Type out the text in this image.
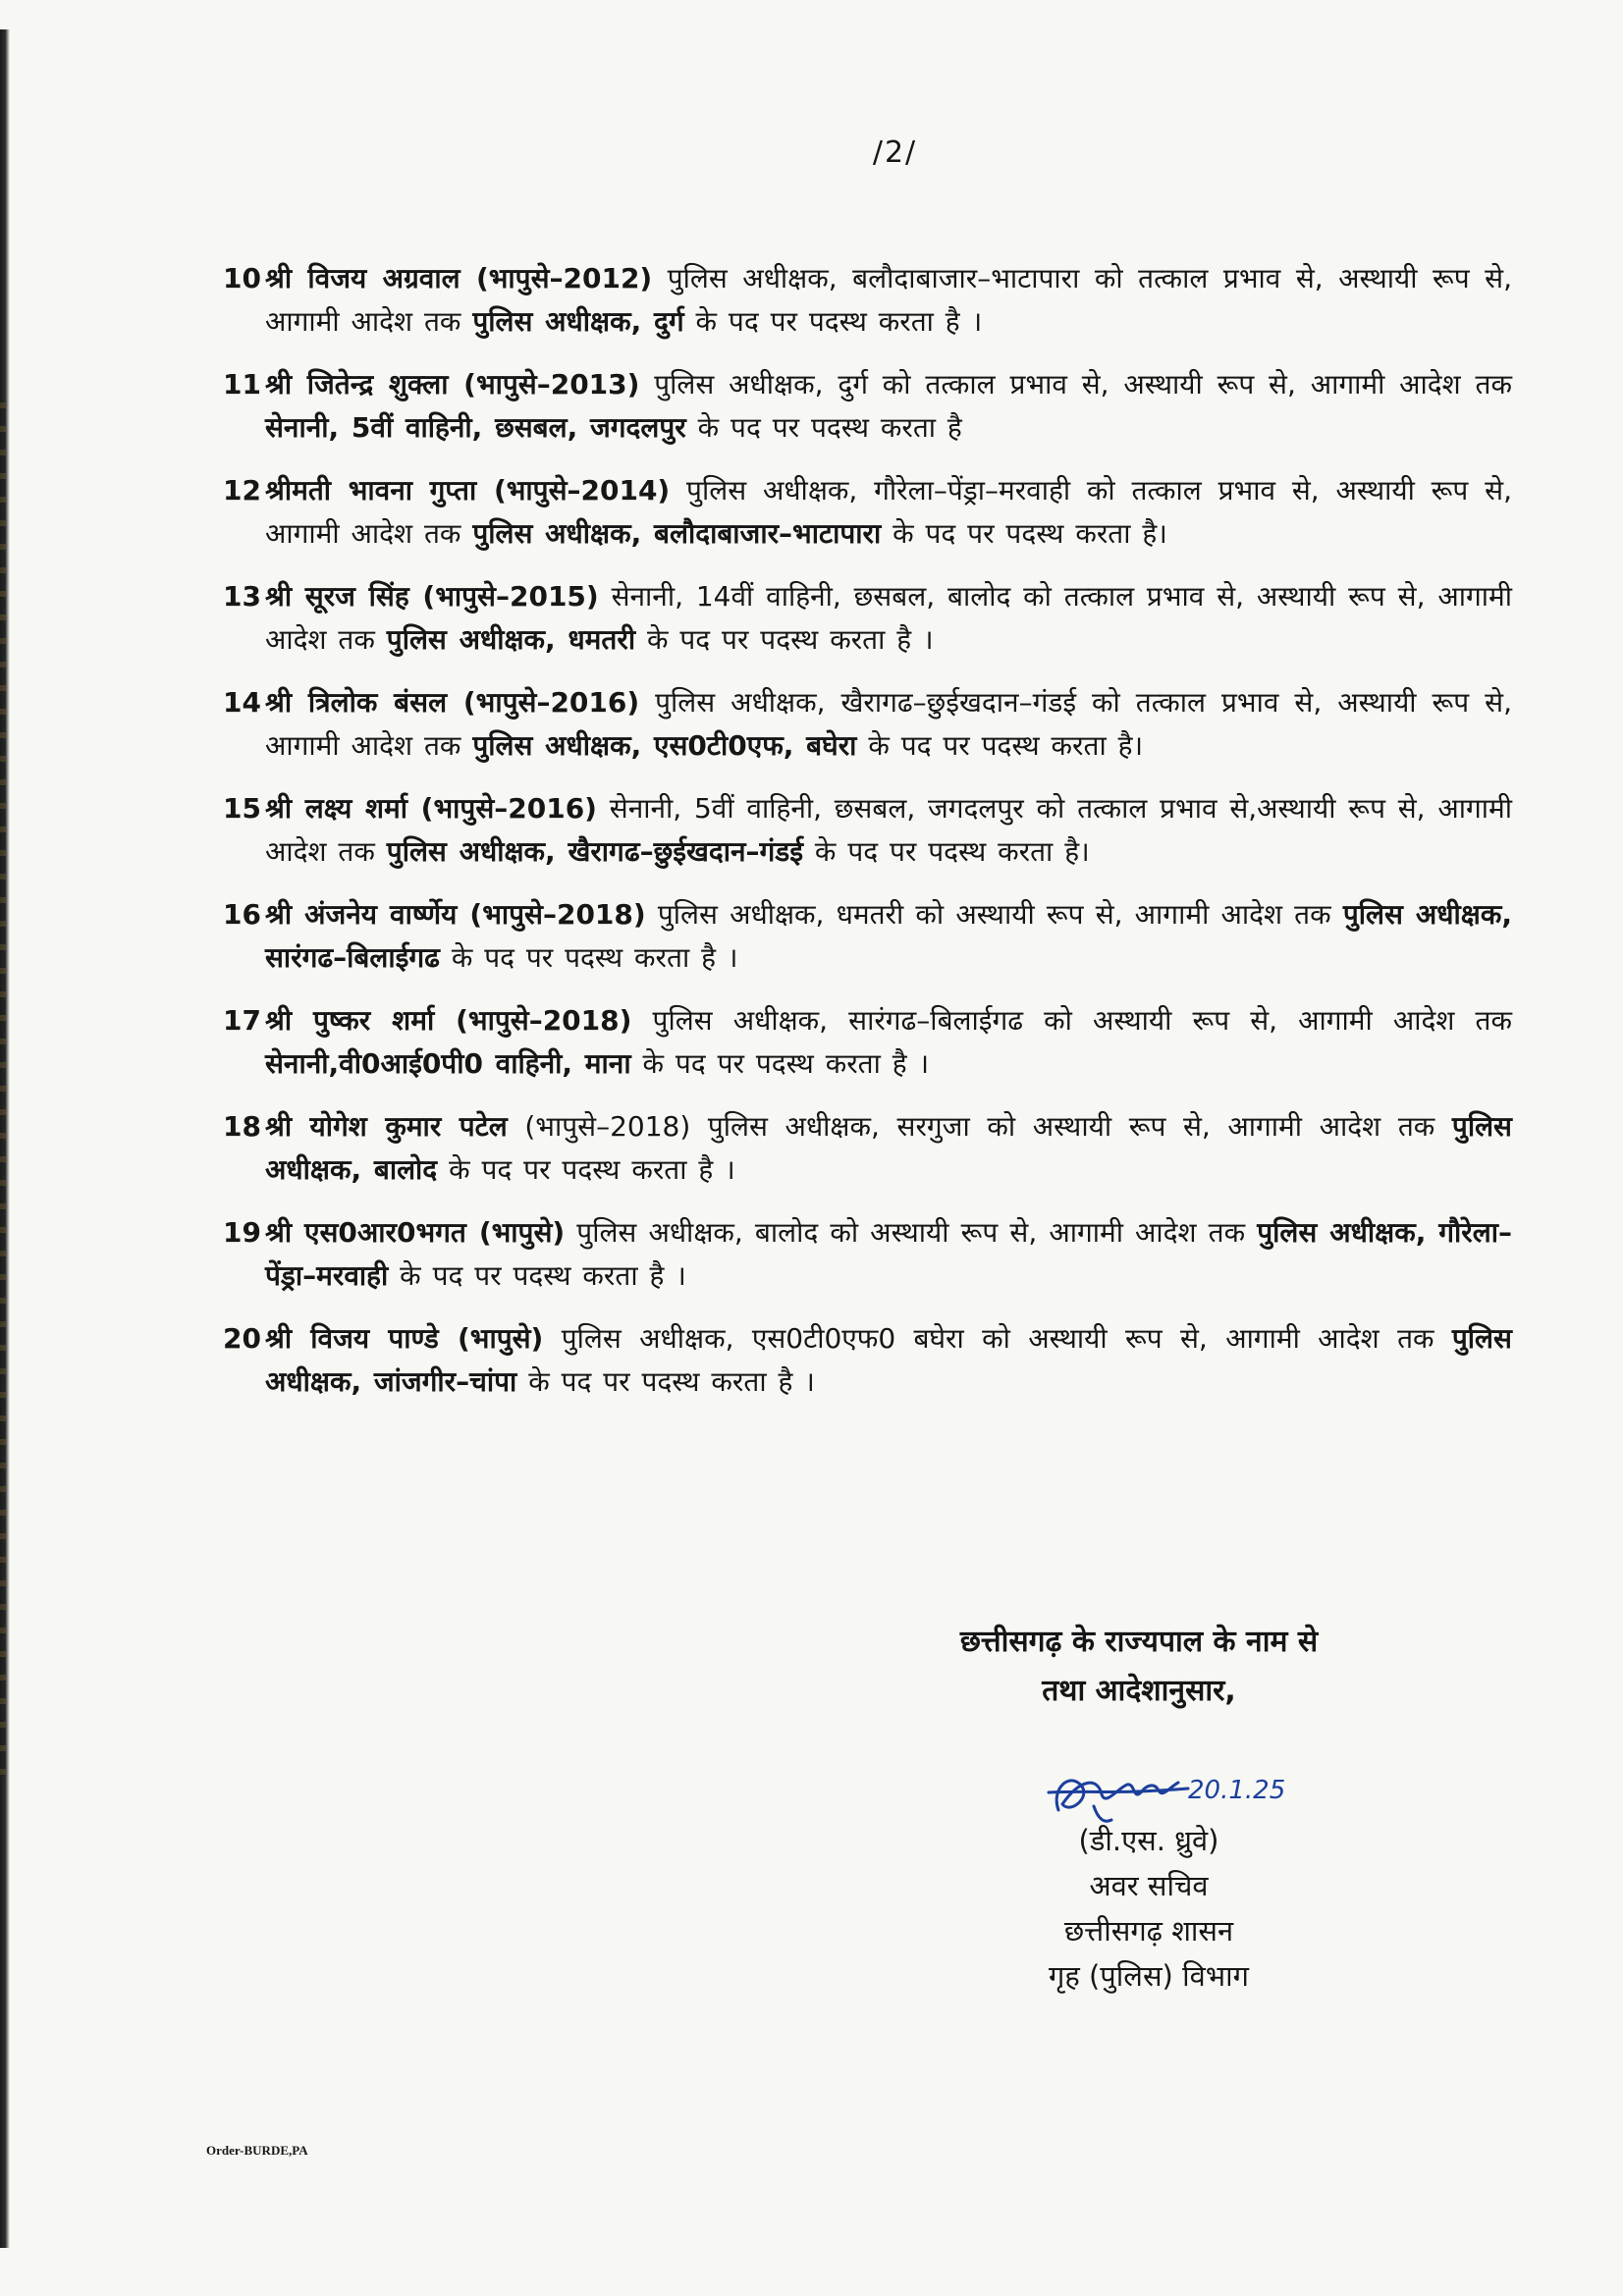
/2/
10 श्री विजय अग्रवाल (भापुसे–2012) पुलिस अधीक्षक, बलौदाबाजार–भाटापारा को तत्काल प्रभाव से, अस्थायी रूप से, आगामी आदेश तक पुलिस अधीक्षक, दुर्ग के पद पर पदस्थ करता है ।

11 श्री जितेन्द्र शुक्ला (भापुसे–2013) पुलिस अधीक्षक, दुर्ग को तत्काल प्रभाव से, अस्थायी रूप से, आगामी आदेश तक सेनानी, 5वीं वाहिनी, छसबल, जगदलपुर के पद पर पदस्थ करता है

12 श्रीमती भावना गुप्ता (भापुसे–2014) पुलिस अधीक्षक, गौरेला–पेंड्रा–मरवाही को तत्काल प्रभाव से, अस्थायी रूप से, आगामी आदेश तक पुलिस अधीक्षक, बलौदाबाजार–भाटापारा के पद पर पदस्थ करता है।

13 श्री सूरज सिंह (भापुसे–2015) सेनानी, 14वीं वाहिनी, छसबल, बालोद को तत्काल प्रभाव से, अस्थायी रूप से, आगामी आदेश तक पुलिस अधीक्षक, धमतरी के पद पर पदस्थ करता है ।

14 श्री त्रिलोक बंसल (भापुसे–2016) पुलिस अधीक्षक, खैरागढ–छुईखदान–गंडई को तत्काल प्रभाव से, अस्थायी रूप से, आगामी आदेश तक पुलिस अधीक्षक, एस0टी0एफ, बघेरा के पद पर पदस्थ करता है।

15 श्री लक्ष्य शर्मा (भापुसे–2016) सेनानी, 5वीं वाहिनी, छसबल, जगदलपुर को तत्काल प्रभाव से,अस्थायी रूप से, आगामी आदेश तक पुलिस अधीक्षक, खैरागढ–छुईखदान–गंडई के पद पर पदस्थ करता है।

16 श्री अंजनेय वार्ष्णेय (भापुसे–2018) पुलिस अधीक्षक, धमतरी को अस्थायी रूप से, आगामी आदेश तक पुलिस अधीक्षक, सारंगढ–बिलाईगढ के पद पर पदस्थ करता है ।

17 श्री पुष्कर शर्मा (भापुसे–2018) पुलिस अधीक्षक, सारंगढ–बिलाईगढ को अस्थायी रूप से, आगामी आदेश तक सेनानी,वी0आई0पी0 वाहिनी, माना के पद पर पदस्थ करता है ।

18 श्री योगेश कुमार पटेल (भापुसे–2018) पुलिस अधीक्षक, सरगुजा को अस्थायी रूप से, आगामी आदेश तक पुलिस अधीक्षक, बालोद के पद पर पदस्थ करता है ।

19 श्री एस0आर0भगत (भापुसे) पुलिस अधीक्षक, बालोद को अस्थायी रूप से, आगामी आदेश तक पुलिस अधीक्षक, गौरेला–पेंड्रा–मरवाही के पद पर पदस्थ करता है ।

20 श्री विजय पाण्डे (भापुसे) पुलिस अधीक्षक, एस0टी0एफ0 बघेरा को अस्थायी रूप से, आगामी आदेश तक पुलिस अधीक्षक, जांजगीर–चांपा के पद पर पदस्थ करता है ।

छत्तीसगढ़ के राज्यपाल के नाम से
तथा आदेशानुसार,
20.1.25
(डी.एस. ध्रुवे)
अवर सचिव
छत्तीसगढ़ शासन
गृह (पुलिस) विभाग
Order-BURDE,PA
